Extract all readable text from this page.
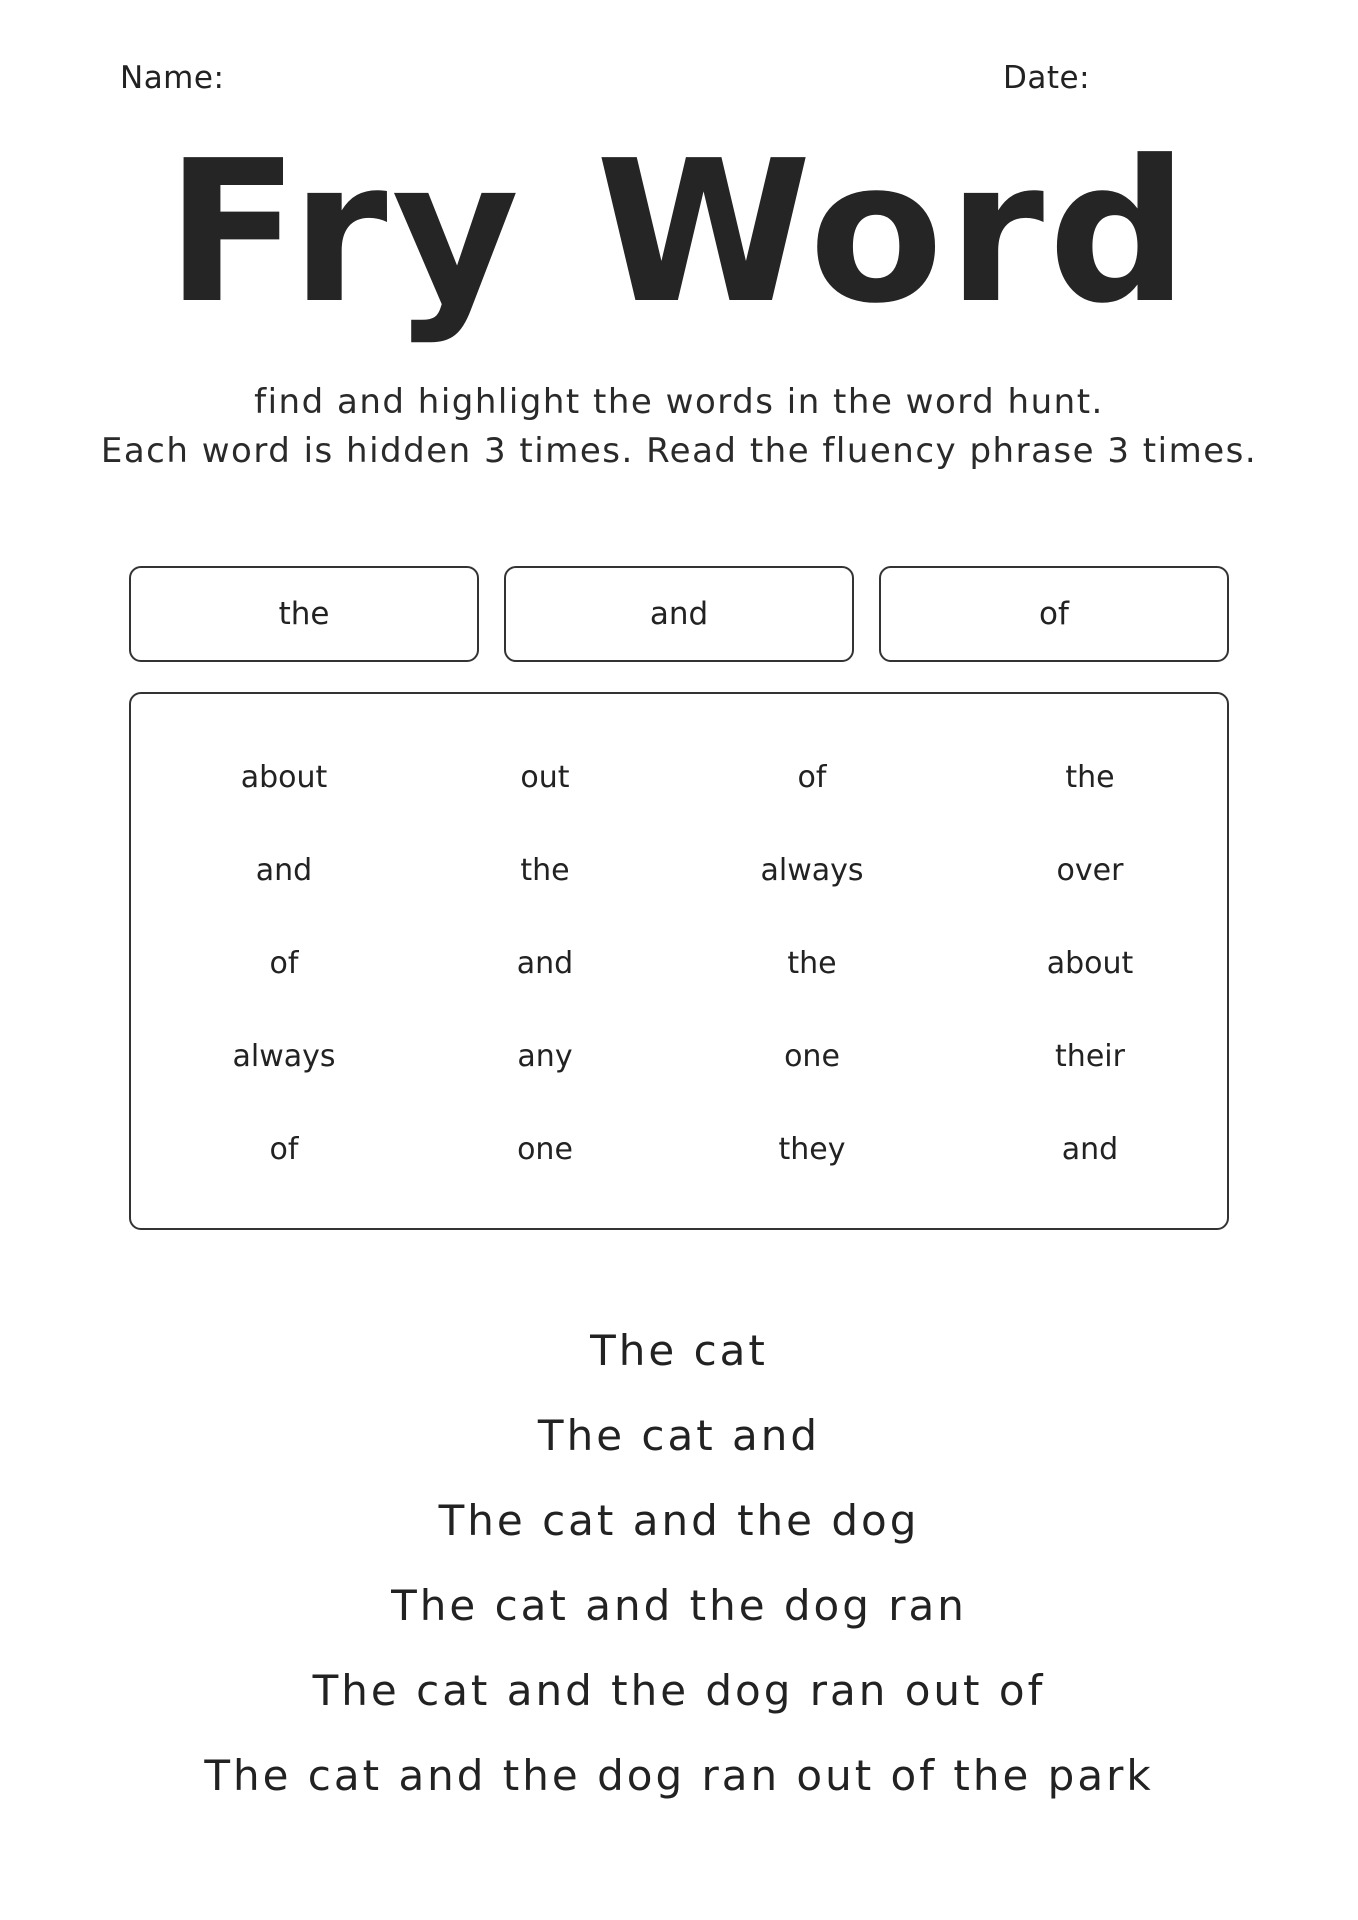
Name:	Date:
Fry Word
find and highlight the words in the word hunt.
Each word is hidden 3 times. Read the fluency phrase 3 times.
the	and	of
about	out	of	the
and	the	always	over
of	and	the	about
always	any	one	their
of	one	they	and
The cat
The cat and
The cat and the dog
The cat and the dog ran
The cat and the dog ran out of
The cat and the dog ran out of the park
